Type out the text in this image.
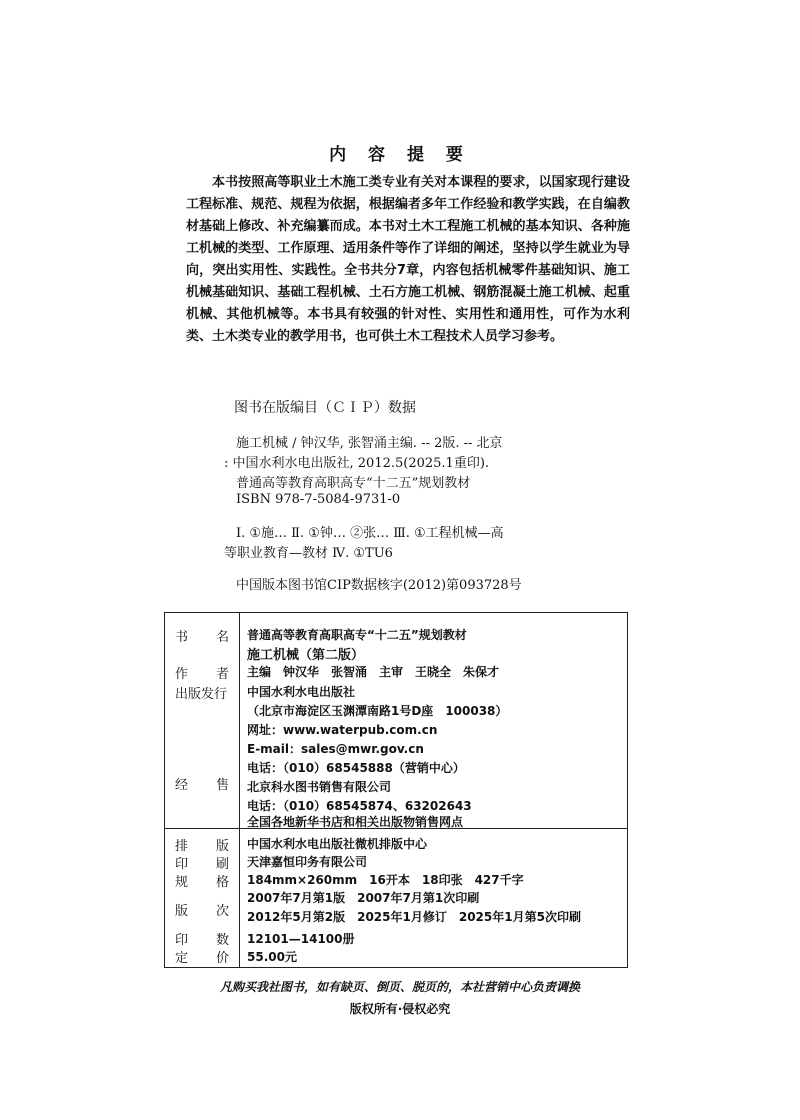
内 容 提 要

本书按照高等职业土木施工类专业有关对本课程的要求，以国家现行建设工程标准、规范、规程为依据，根据编者多年工作经验和教学实践，在自编教材基础上修改、补充编纂而成。本书对土木工程施工机械的基本知识、各种施工机械的类型、工作原理、适用条件等作了详细的阐述，坚持以学生就业为导向，突出实用性、实践性。全书共分7章，内容包括机械零件基础知识、施工机械基础知识、基础工程机械、土石方施工机械、钢筋混凝土施工机械、起重机械、其他机械等。本书具有较强的针对性、实用性和通用性，可作为水利类、土木类专业的教学用书，也可供土木工程技术人员学习参考。

图书在版编目（ＣＩＰ）数据
施工机械 / 钟汉华, 张智涌主编. -- 2版. -- 北京
: 中国水利水电出版社, 2012.5(2025.1重印).
普通高等教育高职高专“十二五”规划教材
ISBN 978-7-5084-9731-0
Ⅰ. ①施… Ⅱ. ①钟… ②张… Ⅲ. ①工程机械—高
等职业教育—教材 Ⅳ. ①TU6
中国版本图书馆CIP数据核字(2012)第093728号
书 名 普通高等教育高职高专“十二五”规划教材
施工机械（第二版）
作 者 主编　钟汉华　张智涌　主审　王晓全　朱保才
出版发行 中国水利水电出版社
（北京市海淀区玉渊潭南路1号D座　100038）
网址：www.waterpub.com.cn
E-mail：sales@mwr.gov.cn
电话：（010）68545888（营销中心）
经 售 北京科水图书销售有限公司
电话：（010）68545874、63202643
全国各地新华书店和相关出版物销售网点
排 版 中国水利水电出版社微机排版中心
印 刷 天津嘉恒印务有限公司
规 格 184mm×260mm　16开本　18印张　427千字
2007年7月第1版　2007年7月第1次印刷
版 次 2012年5月第2版　2025年1月修订　2025年1月第5次印刷
印 数 12101—14100册
定 价 55.00元
凡购买我社图书，如有缺页、倒页、脱页的，本社营销中心负责调换
版权所有·侵权必究
